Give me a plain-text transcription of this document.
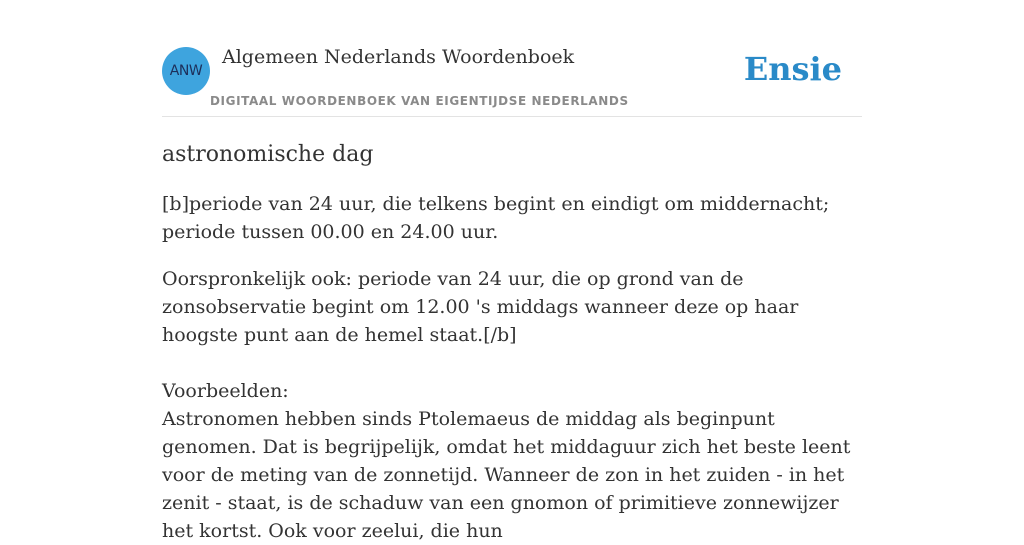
ANW
Algemeen Nederlands Woordenboek
DIGITAAL WOORDENBOEK VAN EIGENTIJDSE NEDERLANDS
Ensie
astronomische dag

[b]periode van 24 uur, die telkens begint en eindigt om middernacht; periode tussen 00.00 en 24.00 uur.

Oorspronkelijk ook: periode van 24 uur, die op grond van de zonsobservatie begint om 12.00 's middags wanneer deze op haar hoogste punt aan de hemel staat.[/b]

Voorbeelden:

Astronomen hebben sinds Ptolemaeus de middag als beginpunt genomen. Dat is begrijpelijk, omdat het middaguur zich het beste leent voor de meting van de zonnetijd. Wanneer de zon in het zuiden - in het zenit - staat, is de schaduw van een gnomon of primitieve zonnewijzer het kortst. Ook voor zeelui, die hun
